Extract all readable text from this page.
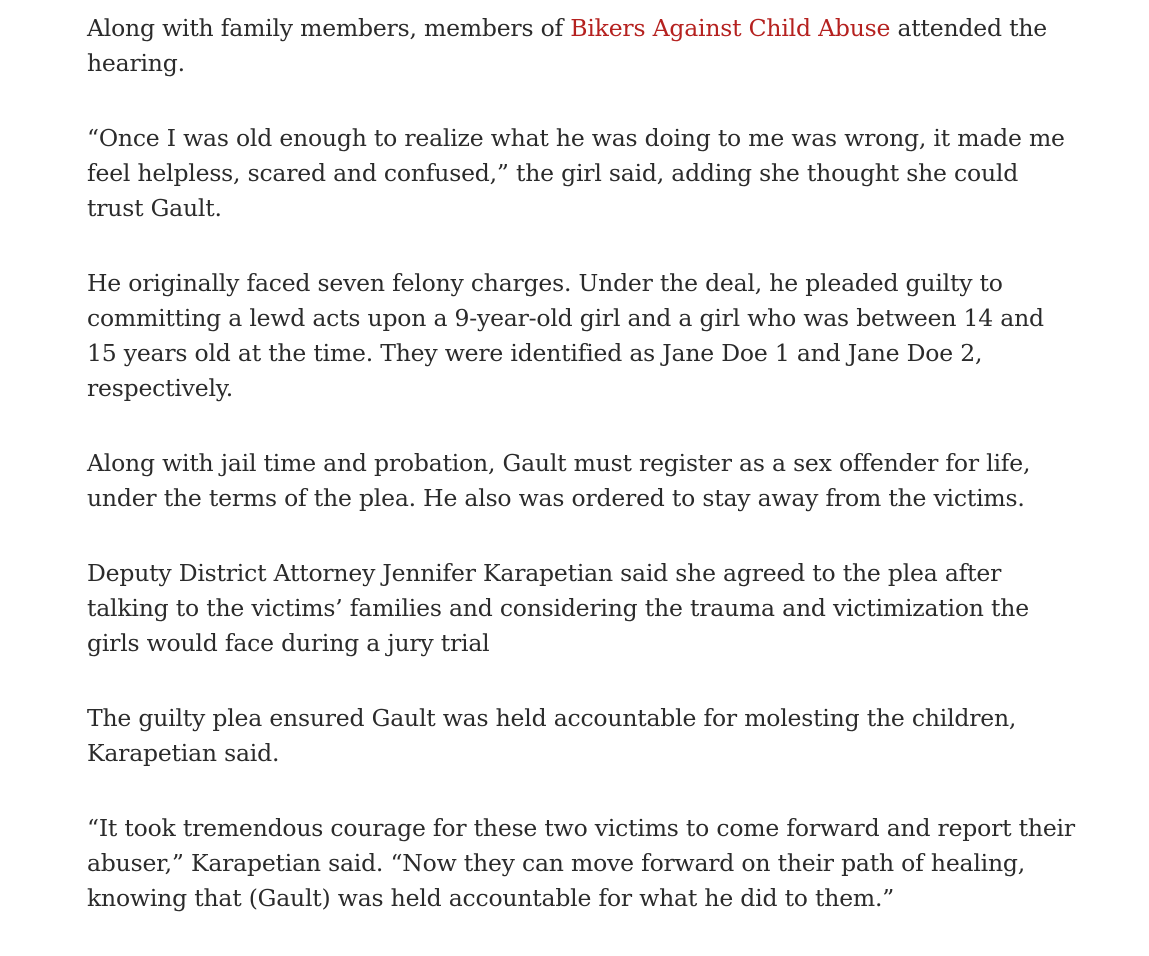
Along with family members, members of Bikers Against Child Abuse attended the hearing.

“Once I was old enough to realize what he was doing to me was wrong, it made me feel helpless, scared and confused,” the girl said, adding she thought she could trust Gault.

He originally faced seven felony charges. Under the deal, he pleaded guilty to committing a lewd acts upon a 9-year-old girl and a girl who was between 14 and 15 years old at the time. They were identified as Jane Doe 1 and Jane Doe 2, respectively.

Along with jail time and probation, Gault must register as a sex offender for life, under the terms of the plea. He also was ordered to stay away from the victims.

Deputy District Attorney Jennifer Karapetian said she agreed to the plea after talking to the victims’ families and considering the trauma and victimization the girls would face during a jury trial

The guilty plea ensured Gault was held accountable for molesting the children, Karapetian said.

“It took tremendous courage for these two victims to come forward and report their abuser,” Karapetian said. “Now they can move forward on their path of healing, knowing that (Gault) was held accountable for what he did to them.”
